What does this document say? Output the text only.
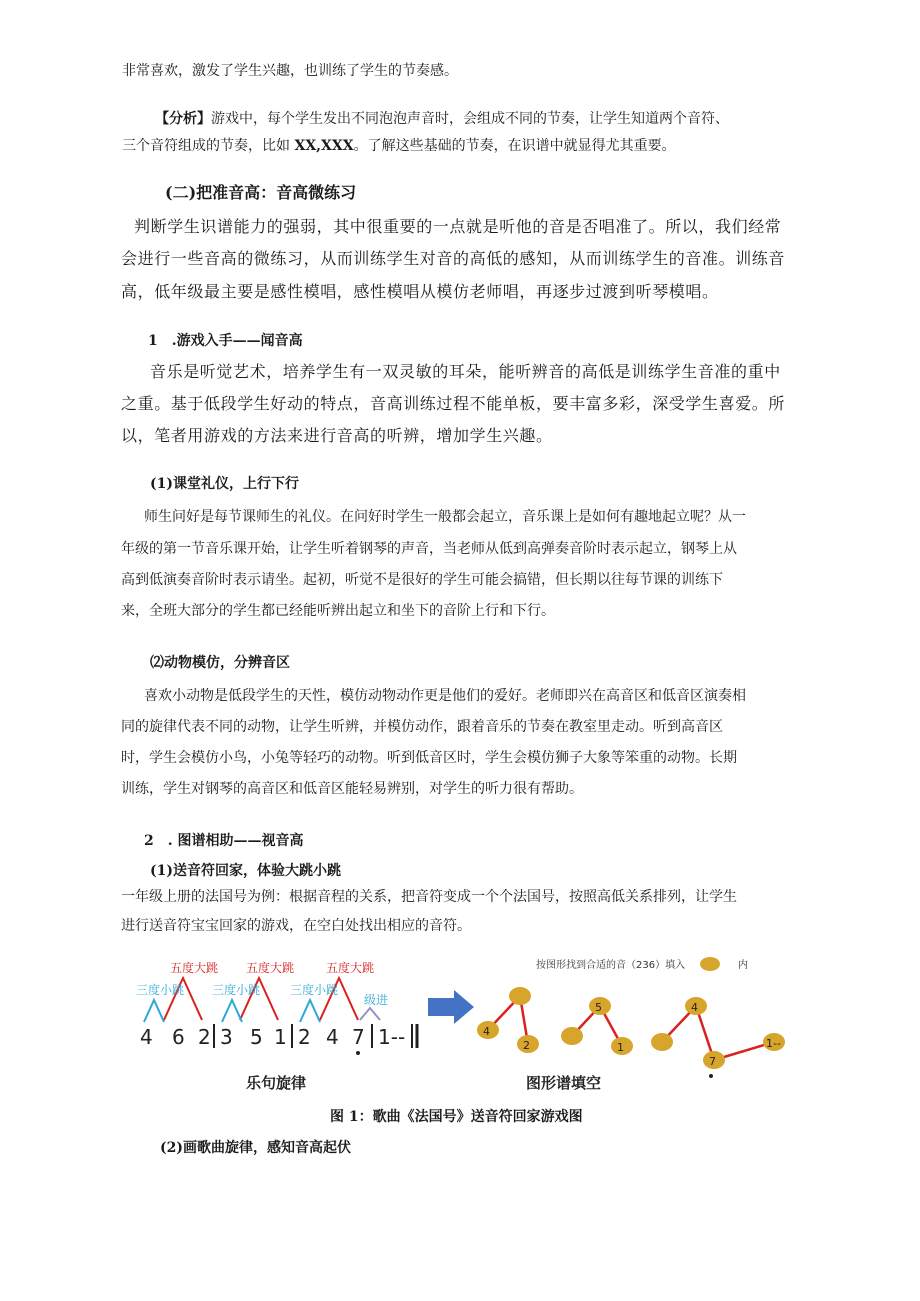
非常喜欢，激发了学生兴趣，也训练了学生的节奏感。

【分析】游戏中，每个学生发出不同泡泡声音时，会组成不同的节奏，让学生知道两个音符、

三个音符组成的节奏，比如 XX,XXX。了解这些基础的节奏，在识谱中就显得尤其重要。

(二)把准音高：音高微练习

判断学生识谱能力的强弱，其中很重要的一点就是听他的音是否唱准了。所以，我们经常

会进行一些音高的微练习，从而训练学生对音的高低的感知，从而训练学生的音准。训练音

高，低年级最主要是感性模唱，感性模唱从模仿老师唱，再逐步过渡到听琴模唱。

1　.游戏入手——闻音高

音乐是听觉艺术，培养学生有一双灵敏的耳朵，能听辨音的高低是训练学生音准的重中

之重。基于低段学生好动的特点，音高训练过程不能单板，要丰富多彩，深受学生喜爱。所

以，笔者用游戏的方法来进行音高的听辨，增加学生兴趣。

(1)课堂礼仪，上行下行

师生问好是每节课师生的礼仪。在问好时学生一般都会起立，音乐课上是如何有趣地起立呢？从一

年级的第一节音乐课开始，让学生听着钢琴的声音，当老师从低到高弹奏音阶时表示起立，钢琴上从

高到低演奏音阶时表示请坐。起初，听觉不是很好的学生可能会搞错，但长期以往每节课的训练下

来，全班大部分的学生都已经能听辨出起立和坐下的音阶上行和下行。

⑵动物模仿，分辨音区

喜欢小动物是低段学生的天性，模仿动物动作更是他们的爱好。老师即兴在高音区和低音区演奏相

同的旋律代表不同的动物，让学生听辨，并模仿动作，跟着音乐的节奏在教室里走动。听到高音区

时，学生会模仿小鸟，小兔等轻巧的动物。听到低音区时，学生会模仿狮子大象等笨重的动物。长期

训练，学生对钢琴的高音区和低音区能轻易辨别，对学生的听力很有帮助。

2　. 图谱相助——视音高

(1)送音符回家，体验大跳小跳

一年级上册的法国号为例：根据音程的关系，把音符变成一个个法国号，按照高低关系排列，让学生

进行送音符宝宝回家的游戏，在空白处找出相应的音符。

五度大跳 五度大跳	五度大跳
三度小跳 三度小跳 三度小跳
级进
4 6 2 3 5 1 2 4 7 1--
乐句旋律
按图形找到合适的音（236）填入	内
4
2
5
1
4
7
1--
图形谱填空

图 1：歌曲《法国号》送音符回家游戏图

(2)画歌曲旋律，感知音高起伏
